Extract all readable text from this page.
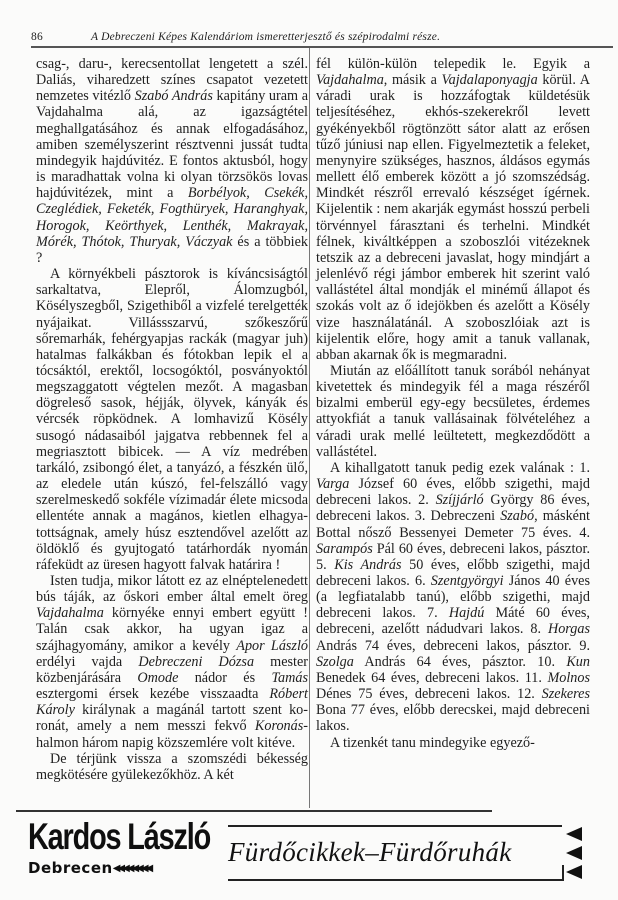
86	A Debreczeni Képes Kalendáriom ismeretterjesztő és szépirodalmi része.

csag-, daru-, kerecsentollat lengetett a szél. Daliás, viharedzett színes csapatot vezetett nemzetes vitézlő Szabó András kapitány uram a Vajdahalma alá, az igazságtétel meghallgatásához és annak elfogadásához, amiben személyszerint résztvenni jussát tudta mindegyik hajdúvitéz. E fontos aktusból, hogy is maradhattak volna ki olyan törzsökös lovas hajdúvitézek, mint a Borbélyok, Csekék, Czeglédiek, Feketék, Fogthüryek, Haranghyak, Horogok, Keörthyek, Lenthék, Makrayak, Mórék, Thótok, Thuryak, Váczyak és a többiek ?

A környékbeli pásztorok is kíváncsiságtól sarkaltatva, Elepről, Álomzugból, Kösélyszegből, Szigethiből a vizfelé terelgették nyájaikat. Villássszarvú, szőkeszőrű sőremarhák, fehérgyapjas rackák (magyar juh) hatalmas falkákban és fótokban lepik el a tócsáktól, erektől, locsogóktól, posványoktól megszaggatott végtelen mezőt. A magasban dögreleső sasok, héjják, ölyvek, kányák és vércsék röpködnek. A lomhavizű Kösély susogó nádasaiból jajgatva rebbennek fel a megriasztott bibicek. — A víz medrében tarkáló, zsibongó élet, a tanyázó, a fészkén ülő, az eledele után kúszó, fel-felszálló vagy szerelmeskedő sokféle vízimadár élete micsoda ellentéte annak a magános, kietlen elhagyatottságnak, amely húsz esztendővel azelőtt az öldöklő és gyujtogató tatárhordák nyomán ráfeküdt az üresen hagyott falvak határira !

Isten tudja, mikor látott ez az elnéptelenedett bús táják, az őskori ember által emelt öreg Vajdahalma környéke ennyi embert együtt ! Talán csak akkor, ha ugyan igaz a szájhagyomány, amikor a kevély Apor László erdélyi vajda Debreczeni Dózsa mester közbenjárására Omode nádor és Tamás esztergomi érsek kezébe visszaadta Róbert Károly királynak a magánál tartott szent koronát, amely a nem messzi fekvő Koronás-halmon három napig közszemlére volt kitéve.

De térjünk vissza a szomszédi békesség megkötésére gyülekezőkhöz. A két

fél külön-külön telepedik le. Egyik a Vajdahalma, másik a Vajdalaponyagja körül. A váradi urak is hozzáfogtak küldetésük teljesítéséhez, ekhós-szekerekről levett gyékényekből rögtönzött sátor alatt az erősen tűző júniusi nap ellen. Figyelmeztetik a feleket, menynyire szükséges, hasznos, áldásos egymás mellett élő emberek között a jó szomszédság. Mindkét részről errevaló készséget ígérnek. Kijelentik : nem akarják egymást hosszú perbeli törvénnyel fárasztani és terhelni. Mindkét félnek, kiváltképpen a szoboszlói vitézeknek tetszik az a debreceni javaslat, hogy mindjárt a jelenlévő régi jámbor emberek hit szerint való vallástétel által mondják el minémű állapot és szokás volt az ő idejökben és azelőtt a Kösély vize használatánál. A szoboszlóiak azt is kijelentik előre, hogy amit a tanuk vallanak, abban akarnak ők is megmaradni.

Miután az előállított tanuk sorából nehányat kivetettek és mindegyik fél a maga részéről bizalmi emberül egy-egy becsületes, érdemes attyokfiát a tanuk vallásainak fölvételéhez a váradi urak mellé leültetett, megkezdődött a vallástétel.

A kihallgatott tanuk pedig ezek valának : 1. Varga József 60 éves, előbb szigethi, majd debreceni lakos. 2. Szíjjárló György 86 éves, debreceni lakos. 3. Debreczeni Szabó, másként Bottal nősző Bessenyei Demeter 75 éves. 4. Sarampós Pál 60 éves, debreceni lakos, pásztor. 5. Kis András 50 éves, előbb szigethi, majd debreceni lakos. 6. Szentgyörgyi János 40 éves (a legfiatalabb tanú), előbb szigethi, majd debreceni lakos. 7. Hajdú Máté 60 éves, debreceni, azelőtt nádudvari lakos. 8. Horgas András 74 éves, debreceni lakos, pásztor. 9. Szolga András 64 éves, pásztor. 10. Kun Benedek 64 éves, debreceni lakos. 11. Molnos Dénes 75 éves, debreceni lakos. 12. Szekeres Bona 77 éves, előbb derecskei, majd debreceni lakos.

A tizenkét tanu mindegyike egyező-

Kardos László
Debrecen◀◀◀◀◀◀◀◀
Fürdőcikkek–Fürdőruhák
